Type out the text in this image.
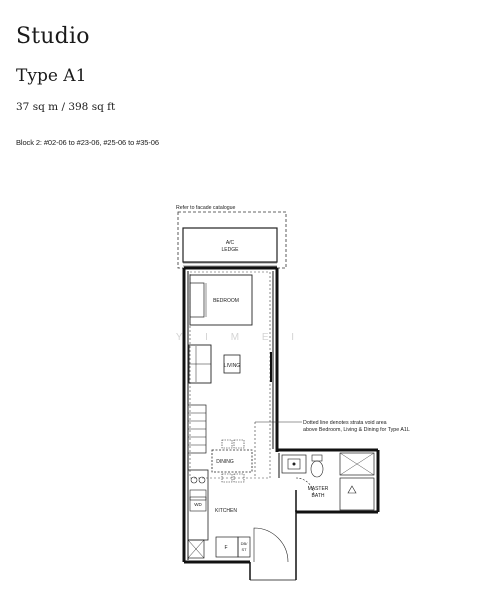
Studio
Type A1
37 sq m / 398 sq ft
Block 2: #02-06 to #23-06, #25-06 to #35-06
Y I M E I
Refer to facade catalogue
A/C
LEDGE
BEDROOM
LIVING
DINING
WD
KITCHEN
F
DB/
ST
MASTER
BATH
Dotted line denotes strata void area
above Bedroom, Living & Dining for Type A1L
